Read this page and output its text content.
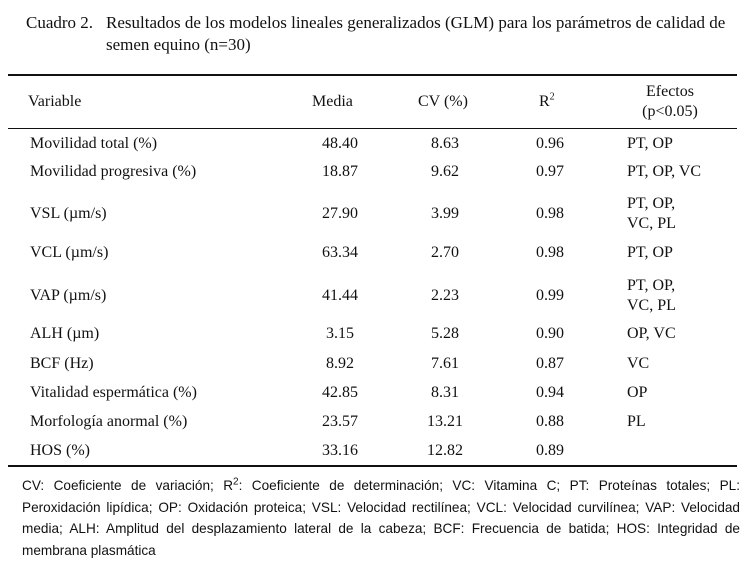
Cuadro 2. Resultados de los modelos lineales generalizados (GLM) para los parámetros de calidad de semen equino (n=30)
Variable	Media	CV (%)	$R^2$	Efectos
(p<0.05)
Movilidad total (%)	48.40	8.63	0.96	PT, OP
Movilidad progresiva (%)	18.87	9.62	0.97	PT, OP, VC
VSL (µm/s)	27.90	3.99	0.98
PT, OP,
VC, PL
VCL (µm/s)	63.34	2.70	0.98	PT, OP
VAP (µm/s)	41.44	2.23	0.99
PT, OP,
VC, PL
ALH (µm)	3.15	5.28	0.90	OP, VC
BCF (Hz)	8.92	7.61	0.87	VC
Vitalidad espermática (%)	42.85	8.31	0.94	OP
Morfología anormal (%)	23.57	13.21	0.88	PL
HOS (%)	33.16	12.82	0.89
CV: Coeficiente de variación; $R^2$: Coeficiente de determinación; VC: Vitamina C; PT: Proteínas totales; PL: Peroxidación lipídica; OP: Oxidación proteica; VSL: Velocidad rectilínea; VCL: Velocidad curvilínea; VAP: Velocidad media; ALH: Amplitud del desplazamiento lateral de la cabeza; BCF: Frecuencia de batida; HOS: Integridad de membrana plasmática
